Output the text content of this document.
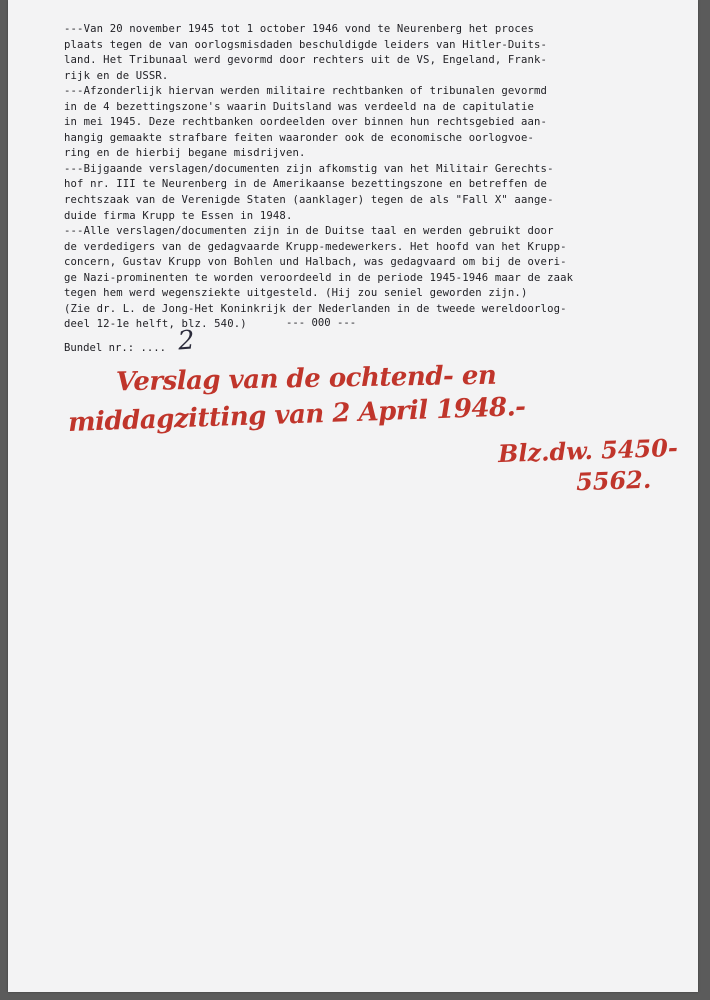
---Van 20 november 1945 tot 1 october 1946 vond te Neurenberg het proces
plaats tegen de van oorlogsmisdaden beschuldigde leiders van Hitler-Duits-
land. Het Tribunaal werd gevormd door rechters uit de VS, Engeland, Frank-
rijk en de USSR.
---Afzonderlijk hiervan werden militaire rechtbanken of tribunalen gevormd
in de 4 bezettingszone's waarin Duitsland was verdeeld na de capitulatie
in mei 1945. Deze rechtbanken oordeelden over binnen hun rechtsgebied aan-
hangig gemaakte strafbare feiten waaronder ook de economische oorlogvoe-
ring en de hierbij begane misdrijven.
---Bijgaande verslagen/documenten zijn afkomstig van het Militair Gerechts-
hof nr. III te Neurenberg in de Amerikaanse bezettingszone en betreffen de
rechtszaak van de Verenigde Staten (aanklager) tegen de als "Fall X" aange-
duide firma Krupp te Essen in 1948.
---Alle verslagen/documenten zijn in de Duitse taal en werden gebruikt door
de verdedigers van de gedagvaarde Krupp-medewerkers. Het hoofd van het Krupp-
concern, Gustav Krupp von Bohlen und Halbach, was gedagvaard om bij de overi-
ge Nazi-prominenten te worden veroordeeld in de periode 1945-1946 maar de zaak
tegen hem werd wegensziekte uitgesteld. (Hij zou seniel geworden zijn.)
(Zie dr. L. de Jong-Het Koninkrijk der Nederlanden in de tweede wereldoorlog-
deel 12-1e helft, blz. 540.)	--- 000 ---
Bundel nr.: .... 2
Verslag van de ochtend- en
middagzitting van 2 April 1948.-
Blz.dw. 5450-
5562.
